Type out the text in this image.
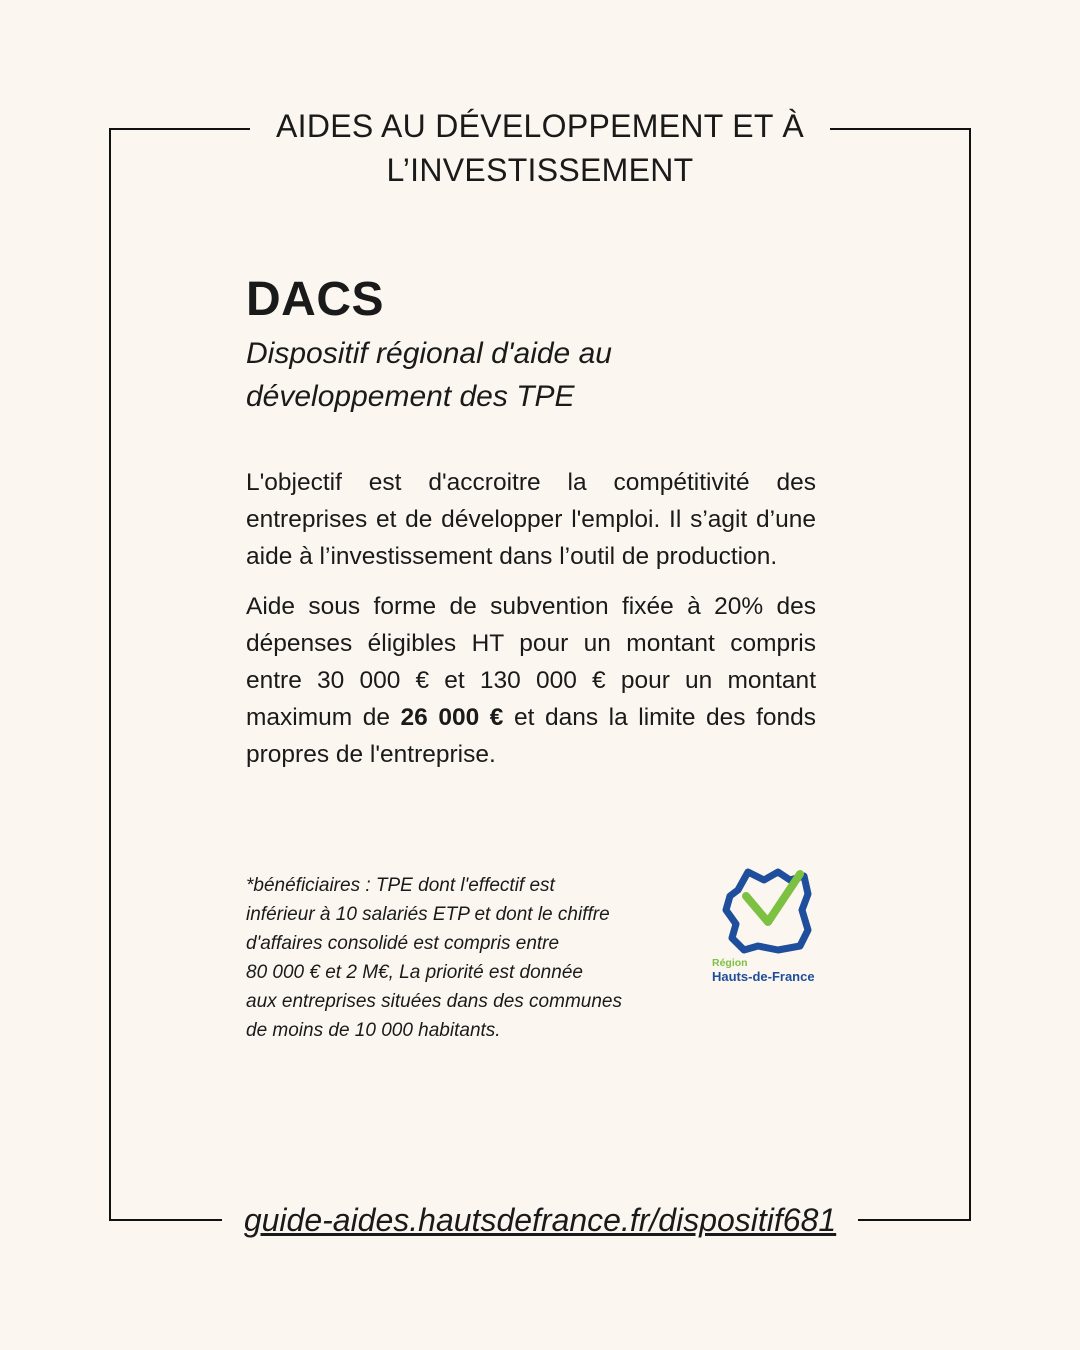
AIDES AU DÉVELOPPEMENT ET À
L’INVESTISSEMENT
DACS
Dispositif régional d'aide au
développement des TPE

L'objectif est d'accroitre la compétitivité des entreprises et de développer l'emploi. Il s’agit d’une aide à l’investissement dans l’outil de production.

Aide sous forme de subvention fixée à 20% des dépenses éligibles HT pour un montant compris entre 30 000 € et 130 000 € pour un montant maximum de 26 000 € et dans la limite des fonds propres de l'entreprise.

*bénéficiaires : TPE dont l'effectif est
inférieur à 10 salariés ETP et dont le chiffre
d'affaires consolidé est compris entre
80 000 € et 2 M€, La priorité est donnée
aux entreprises situées dans des communes
de moins de 10 000 habitants.
Région
Hauts-de-France
guide-aides.hautsdefrance.fr/dispositif681
